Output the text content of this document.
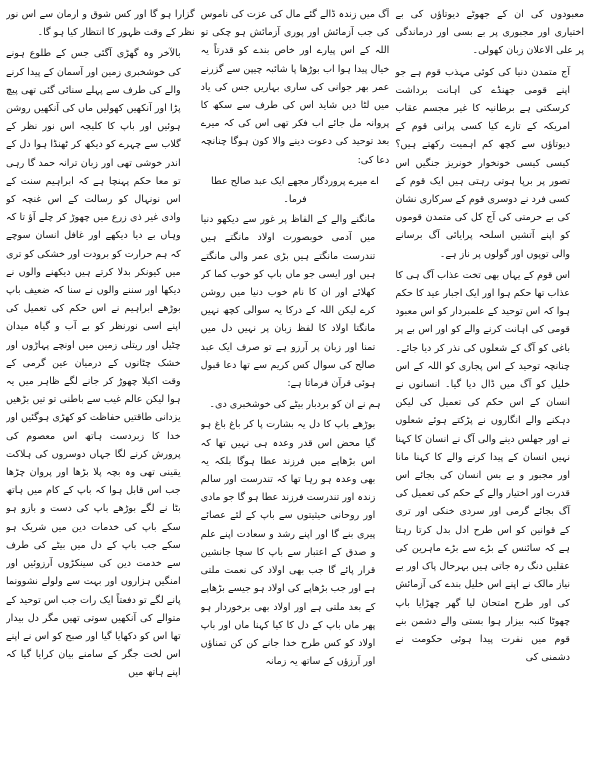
معبودوں کی ان کے جھوٹے دیوتاؤں کی بے اختیاری اور مجبوری پر بے بسی اور درماندگی پر علی الاعلان زبان کھولی۔

آج متمدن دنیا کی کوئی مہذب قوم ہے جو اپنے قومی جھنڈے کی اہانت برداشت کرسکتی ہے برطانیہ کا غیر مجسم عقاب امریکہ کے تارے کیا کسی پرانی قوم کے دیوتاؤں سے کچھ کم اہمیت رکھتے ہیں؟ کیسی کیسی خونخوار خونریز جنگیں اس تصور پر برپا ہوتی رہتی ہیں ایک قوم کے کسی فرد نے دوسری قوم کے سرکاری نشان کی بے حرمتی کی آج کل کی متمدن قوموں کو اپنے آتشیں اسلحہ پرایائی آگ برسانے والی توپوں اور گولوں پر ناز ہے۔

اس قوم کے یہاں بھی تخت عذاب آگ ہی کا عذاب تھا حکم ہوا اور ایک اجبار عید کا حکم ہوا کہ اس توحید کے علمبردار کو اس معبود قومی کی اہانت کرنے والے کو اور اس بے پر باغی کو آگ کے شعلوں کی نذر کر دیا جائے۔ چنانچہ توحید کے اس پجاری کو اللہ کے اس خلیل کو آگ میں ڈال دیا گیا۔ انسانوں نے انسان کے اس حکم کی تعمیل کی لیکن دہکنے والے انگاروں نے پڑکتے ہوئے شعلوں نے اور جھلس دینے والی آگ نے انسان کا کہنا نہیں انسان کے پیدا کرنے والے کا کہنا مانا اور مجبور و بے بس انسان کی بجائے اس قدرت اور اختیار والے کے حکم کی تعمیل کی آگ بجائے گرمی اور سردی خنکی اور تری کے قوانین کو اس طرح ادل بدل کرتا رہتا ہے کہ سائنس کے بڑے سے بڑے ماہرین کی عقلیں دنگ رہ جاتی ہیں بہرحال پاک اور بے نیاز مالک نے اپنے اس خلیل بندے کی آزمائش کی اور طرح امتحان لیا گھر چھڑایا باپ چھوٹا کنبہ بیزار ہوا بستی والے دشمن بنے قوم میں نفرت پیدا ہوئی حکومت نے دشمنی کی

آگ میں زندہ ڈالے گئے مال کی عزت کی ناموس کی جب آزمائش اور پوری آزمائش ہو چکی تو اللہ کے اس پیارے اور خاص بندے کو قدرتاً یہ خیال پیدا ہوا اب بوڑھا پا شائبہ چیپن سے گزرنے عمر بھر جوانی کی ساری بہاریں جس کی یاد میں لٹا دیں شاید اس کی طرف سے سکھ کا پروانہ مل جائے اب فکر تھی اس کی کہ میرے بعد توحید کی دعوت دینے والا کون ہوگا چنانچہ دعا کی:

اے میرے پروردگار مجھے ایک عبد صالح عطا فرما۔

مانگنے والے کے الفاظ پر غور سے دیکھو دنیا میں آدمی خوبصورت اولاد مانگتے ہیں تندرست مانگتے ہیں بڑی عمر والی مانگتے ہیں اور ایسی جو ماں باپ کو خوب کما کر کھلائے اور ان کا نام خوب دنیا میں روشن کرے لیکن اللہ کے درکا یہ سوالی کچھ نہیں مانگتا اولاد کا لفظ زبان پر نہیں دل میں تمنا اور زبان پر آرزو ہے تو صرف ایک عبد صالح کی سوال کس کریم سے تھا دعا قبول ہوئی قرآن فرماتا ہے:

ہم نے ان کو بردبار بیٹے کی خوشخبری دی۔

بوڑھے باپ کا دل یہ بشارت پا کر باغ باغ ہو گیا محض اس قدر وعدہ ہی نہیں تھا کہ اس بڑھاپے میں فرزند عطا ہوگا بلکہ یہ بھی وعدہ ہو رہا تھا کہ تندرست اور سالم زندہ اور تندرست فرزند عطا ہو گا جو مادی اور روحانی حیثیتوں سے باپ کے لئے عصائے پیری بنے گا اور اپنے رشد و سعادت اپنے علم و صدق کے اعتبار سے باپ کا سچا جانشین قرار پائے گا جب بھی اولاد کی نعمت ملتی ہے اور جب بڑھاپے کی اولاد ہو جیسے بڑھاپے کے بعد ملتی ہے اور اولاد بھی برخوردار ہو پھر ماں باپ کے دل کا کیا کہنا ماں اور باپ اولاد کو کس طرح خدا جانے کن کن تمناؤں اور آرزؤں کے ساتھ یہ زمانہ

گزارا ہو گا اور کس شوق و ارمان سے اس نور نظر کے وقت ظہور کا انتظار کیا ہو گا۔

بالآخر وہ گھڑی آگئی جس کے طلوع ہونے کی خوشخبری زمین اور آسمان کے پیدا کرنے والے کی طرف سے پہلے سنائی گئی تھی پیچ پڑا اور آنکھیں کھولیں ماں کی آنکھیں روشن ہوئیں اور باپ کا کلیجہ اس نور نظر کے گلاب سے چہرے کو دیکھ کر ٹھنڈا ہوا دل کے اندر خوشی تھی اور زبان ترانہ حمد گا رہی تو معا حکم پہنچا ہے کہ ابراہیم سنت کے اس نونہال کو رسالت کے اس غنچہ کو وادی غیر ذی زرع میں چھوڑ کر چلے آؤ تا کہ وہاں بے دیا دیکھے اور غافل انسان سوچے کہ ہم حرارت کو برودت اور خشکی کو تری میں کیونکر بدلا کرتے ہیں دیکھنے والوں نے دیکھا اور سننے والوں نے سنا کہ ضعیف باپ بوڑھے ابراہیم نے اس حکم کی تعمیل کی اپنے اسی نورنظر کو بے آب و گیاہ میدان چٹیل اور ریتلی زمین میں اونچے پہاڑوں اور خشک چٹانوں کے درمیان عین گرمی کے وقت اکیلا چھوڑ کر جانے لگے ظاہر میں یہ ہوا لیکن عالم غیب سے باطنی تو تیں بڑھیں یزدانی طاقتیں حفاظت کو کھڑی ہوگئیں اور خدا کا زبردست ہاتھ اس معصوم کی پرورش کرنے لگا جہاں دوسروں کی ہلاکت یقینی تھی وہ بچہ پلا بڑھا اور پروان چڑھا جب اس قابل ہوا کہ باپ کے کام میں ہاتھ بٹا نے لگے بوڑھے باپ کی دست و بازو ہو سکے باپ کی خدمات دین میں شریک ہو سکے جب باپ کے دل میں بیٹے کی طرف سے خدمت دین کی سینکڑوں آرزوئیں اور امنگیں ہزاروں اور بہت سے ولولے نشوونما پانے لگے تو دفعتاً ایک رات جب اس توحید کے متوالے کی آنکھیں سوتی تھیں مگر دل بیدار تھا اس کو دکھایا گیا اور صبح کو اس نے اپنے اس لخت جگر کے سامنے بیان کرایا گیا کہ اپنے ہاتھ میں
